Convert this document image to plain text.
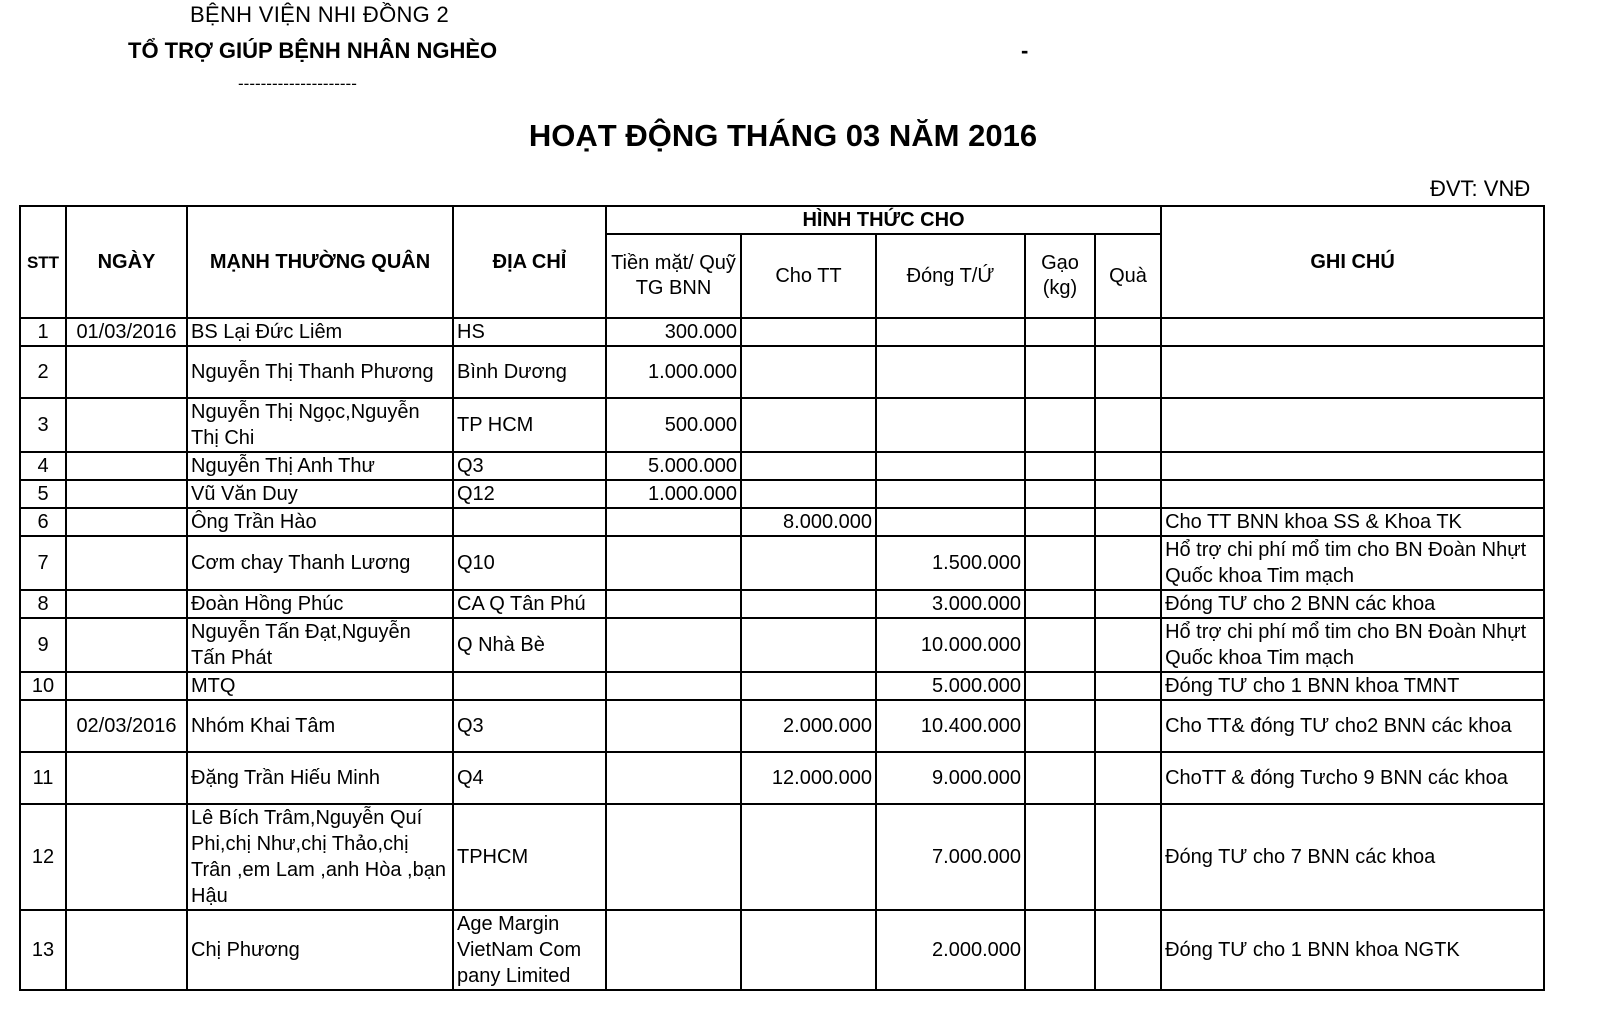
BỆNH VIỆN NHI ĐỒNG 2
TỔ TRỢ GIÚP BỆNH NHÂN NGHÈO	-
---------------------
HOẠT ĐỘNG THÁNG 03 NĂM 2016
ĐVT: VNĐ
STT	NGÀY	MẠNH THƯỜNG QUÂN	ĐỊA CHỈ	HÌNH THỨC CHO					GHI CHÚ
				Tiền mặt/ Quỹ TG BNN	Cho TT	Đóng T/Ứ	Gạo (kg)	Quà	
1	01/03/2016	BS Lại Đức Liêm	HS	300.000					
2		Nguyễn Thị Thanh Phương	Bình Dương	1.000.000					
3		Nguyễn Thị Ngọc,Nguyễn Thị Chi	TP HCM	500.000					
4		Nguyễn Thị Anh Thư	Q3	5.000.000					
5		Vũ Văn Duy	Q12	1.000.000					
6		Ông Trần Hào			8.000.000				Cho TT BNN khoa SS & Khoa TK
7		Cơm chay Thanh Lương	Q10			1.500.000			Hổ trợ chi phí mổ tim cho BN Đoàn Nhựt Quốc khoa Tim mạch
8		Đoàn Hồng Phúc	CA Q Tân Phú			3.000.000			Đóng TƯ cho 2 BNN các khoa
9		Nguyễn Tấn Đạt,Nguyễn Tấn Phát	Q Nhà Bè			10.000.000			Hổ trợ chi phí mổ tim cho BN Đoàn Nhựt Quốc khoa Tim mạch
10		MTQ				5.000.000			Đóng TƯ cho 1 BNN khoa TMNT
	02/03/2016	Nhóm Khai Tâm	Q3		2.000.000	10.400.000			Cho TT& đóng TƯ cho2 BNN các khoa
11		Đặng Trần Hiếu Minh	Q4		12.000.000	9.000.000			ChoTT & đóng Tưcho 9 BNN các khoa
12		Lê Bích Trâm,Nguyễn Quí Phi,chị Như,chị Thảo,chị Trân ,em Lam ,anh Hòa ,bạn Hậu	TPHCM			7.000.000			Đóng TƯ cho 7 BNN các khoa
13		Chị Phương	Age Margin VietNam Com pany Limited			2.000.000			Đóng TƯ cho 1 BNN khoa NGTK
